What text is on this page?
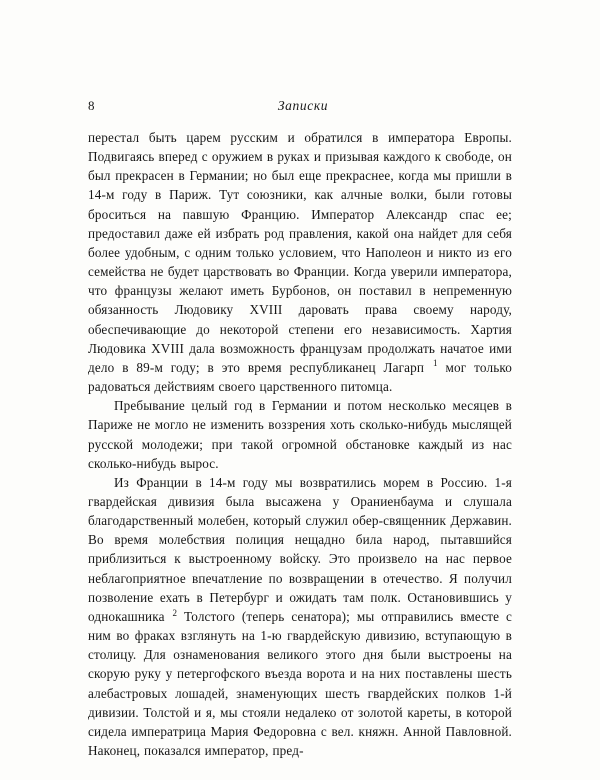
8	Записки

перестал быть царем русским и обратился в императора Европы. Подвигаясь вперед с оружием в руках и призывая каждого к свободе, он был прекрасен в Германии; но был еще прекраснее, когда мы пришли в 14-м году в Париж. Тут союзники, как алчные волки, были готовы броситься на павшую Францию. Император Александр спас ее; предоставил даже ей избрать род правления, какой она найдет для себя более удобным, с одним только условием, что Наполеон и никто из его семейства не будет царствовать во Франции. Когда уверили императора, что французы желают иметь Бурбонов, он поставил в непременную обязанность Людовику XVIII даровать права своему народу, обеспечивающие до некоторой степени его независимость. Хартия Людовика XVIII дала возможность французам продолжать начатое ими дело в 89-м году; в это время республиканец Лагарп $^1$ мог только радоваться действиям своего царственного питомца.

Пребывание целый год в Германии и потом несколько месяцев в Париже не могло не изменить воззрения хоть сколько-нибудь мыслящей русской молодежи; при такой огромной обстановке каждый из нас сколько-нибудь вырос.

Из Франции в 14-м году мы возвратились морем в Россию. 1-я гвардейская дивизия была высажена у Ораниенбаума и слушала благодарственный молебен, который служил обер-священник Державин. Во время молебствия полиция нещадно била народ, пытавшийся приблизиться к выстроенному войску. Это произвело на нас первое неблагоприятное впечатление по возвращении в отечество. Я получил позволение ехать в Петербург и ожидать там полк. Остановившись у однокашника $^2$ Толстого (теперь сенатора); мы отправились вместе с ним во фраках взглянуть на 1-ю гвардейскую дивизию, вступающую в столицу. Для ознаменования великого этого дня были выстроены на скорую руку у петергофского въезда ворота и на них поставлены шесть алебастровых лошадей, знаменующих шесть гвардейских полков 1-й дивизии. Толстой и я, мы стояли недалеко от золотой кареты, в которой сидела императрица Мария Федоровна с вел. княжн. Анной Павловной. Наконец, показался император, пред-
